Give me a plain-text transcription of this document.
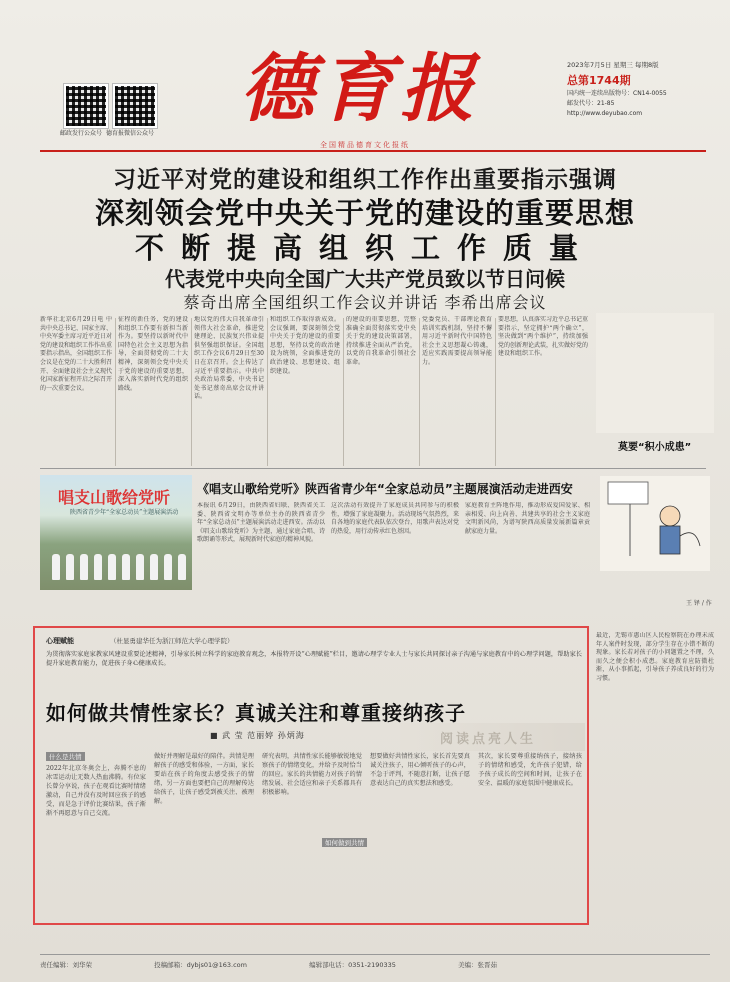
邮政发行公众号 德育报微信公众号
德育报
全国精品德育文化报纸
2023年7月5日 星期三 每期8版
总第1744期
国内统一连续出版物号：CN14-0055
邮发代号：21-85
http://www.deyubao.com
习近平对党的建设和组织工作作出重要指示强调
深刻领会党中央关于党的建设的重要思想
不断提高组织工作质量
代表党中央向全国广大共产党员致以节日问候
蔡奇出席全国组织工作会议并讲话 李希出席会议
新华社北京6月29日电 中共中央总书记、国家主席、中央军委主席习近平近日对党的建设和组织工作作出重要指示指出，全国组织工作会议是在党的二十大胜利召开、全面建设社会主义现代化国家新征程开启之际召开的一次重要会议。
征程的新任务，党的建设和组织工作要有新担当新作为。要坚持以新时代中国特色社会主义思想为指导，全面贯彻党的二十大精神，深刻领会党中央关于党的建设的重要思想，深入落实新时代党的组织路线。
地以党的伟大自我革命引领伟大社会革命，推进党建理论、民族复兴伟业提供坚强组织保证。全国组织工作会议6月29日至30日在京召开。会上传达了习近平重要指示。中共中央政治局常委、中央书记处书记蔡奇出席会议并讲话。
和组织工作取得新成效。会议强调，要深刻领会党中央关于党的建设的重要思想，坚持以党的政治建设为统领，全面推进党的政治建设、思想建设、组织建设。
的建设的重要思想，完整准确全面贯彻落实党中央关于党的建设决策部署，持续推进全面从严治党，以党的自我革命引领社会革命。
党委党员、干部理论教育培训实践机制，坚持不懈用习近平新时代中国特色社会主义思想凝心铸魂，适应实践需要提高领导能力。
要思想，认真落实习近平总书记重要指示，坚定拥护“两个确立”，坚决做到“两个维护”，持续加强党的创新理论武装，扎实做好党的建设和组织工作。
莫要“积小成患”
唱支山歌给党听
陕西省青少年“全家总动员”主题展演活动
《唱支山歌给党听》陕西省青少年“全家总动员”主题展演活动走进西安
本报讯 6月29日，由陕西省妇联、陕西省关工委、陕西省文明办等单位主办的陕西省青少年“全家总动员”主题展演活动走进西安。活动以《唱支山歌给党听》为主题，通过家庭合唱、诗歌朗诵等形式，展现新时代家庭的精神风貌。
这次活动有效提升了家庭成员共同参与的积极性，增强了家庭凝聚力。活动现场气氛热烈，来自各地的家庭代表队依次登台，用歌声表达对党的热爱，用行动传承红色基因。
家庭教育主阵地作用，推动形成爱国爱家、相亲相爱、向上向善、共建共享的社会主义家庭文明新风尚，为谱写陕西高质量发展新篇章贡献家庭力量。
王 铎 / 作
心理赋能	（杜显勇建华任为浙江师范大学心理学院）
为贯彻落实家庭家教家风建设重要论述精神，引导家长树立科学的家庭教育观念，本报特开设“心理赋能”栏目，邀请心理学专业人士与家长共同探讨亲子沟通与家庭教育中的心理学问题，帮助家长提升家庭教育能力，促进孩子身心健康成长。
阅读点亮人生
如何做共情性家长？真诚关注和尊重接纳孩子
■ 武 莹 范丽婷 孙炳海
什么是共情
如何做到共情
2022年北京冬奥会上，奔腾不息的冰雪运动让无数人热血沸腾。有位家长曾分享说，孩子在观看比赛时情绪激动，自己并没有及时回应孩子的感受，而是急于评价比赛结果，孩子渐渐不再愿意与自己交流。
做好并理解是最好的陪伴。共情是理解孩子的感受和体验，一方面，家长要站在孩子的角度去感受孩子的情绪，另一方面也要把自己的理解传达给孩子，让孩子感受到被关注、被理解。
研究表明，共情性家长能够敏锐地觉察孩子的情绪变化，并给予及时恰当的回应。家长的共情能力对孩子的情绪发展、社会适应和亲子关系都具有积极影响。
想要做好共情性家长，家长首先要真诚关注孩子，用心倾听孩子的心声，不急于评判，不随意打断，让孩子愿意表达自己的真实想法和感受。
其次，家长要尊重接纳孩子，接纳孩子的情绪和感受，允许孩子犯错，给予孩子成长的空间和时间，让孩子在安全、温暖的家庭氛围中健康成长。
最近，无锡市惠山区人民检察院在办理未成年人案件时发现，部分学生存在小错不断的现象。家长若对孩子的小问题置之不理，久而久之便会积小成患。家庭教育应防微杜渐，从小事抓起，引导孩子养成良好的行为习惯。
责任编辑：刘华荣	投稿邮箱：dybjs01@163.com	编辑部电话：0351-2190335	美编：张晋茹
